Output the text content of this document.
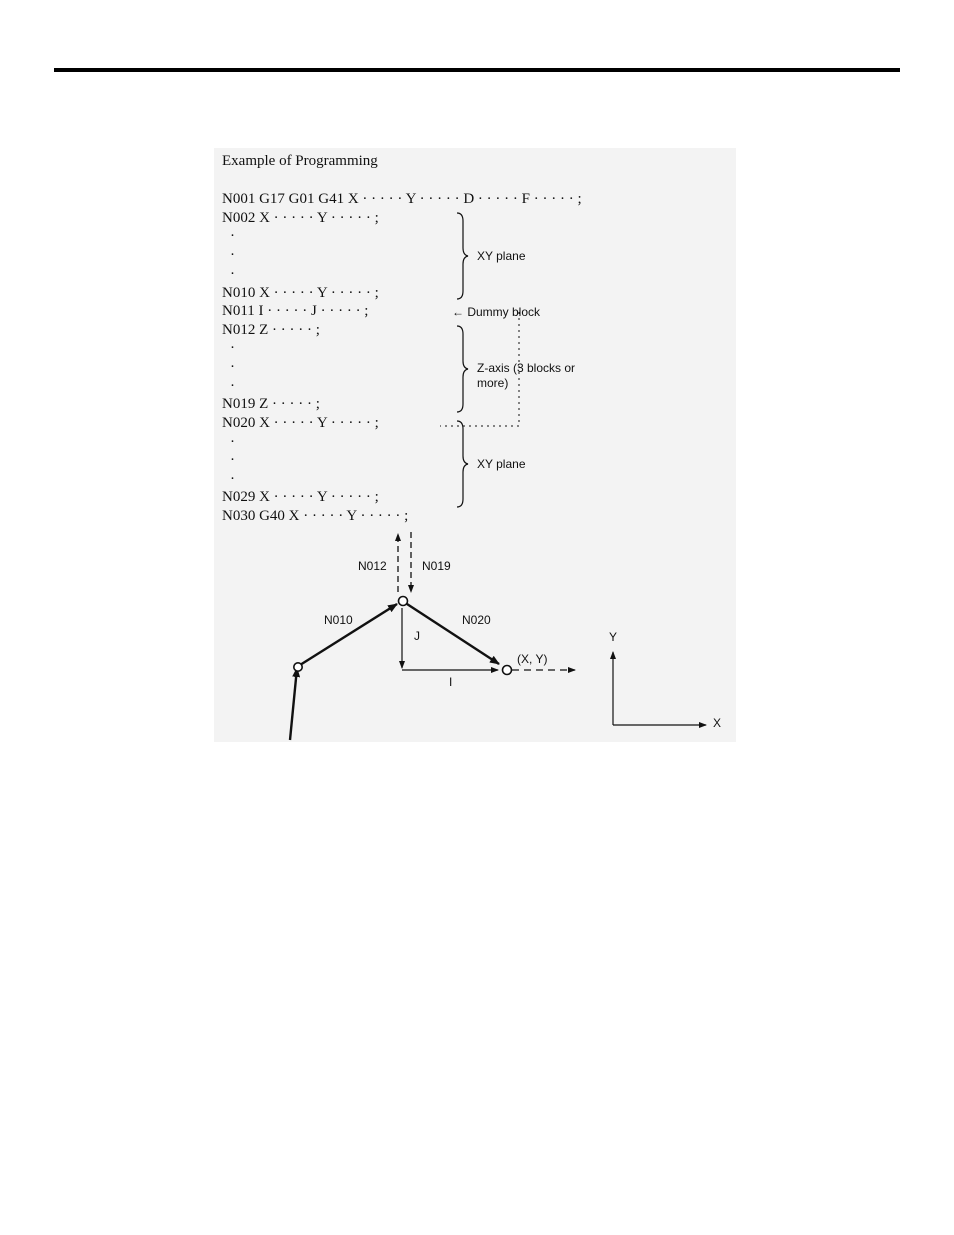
Example of Programming
N001 G17 G01 G41 X · · · · · Y · · · · · D · · · · · F · · · · · ;
N002 X · · · · · Y · · · · · ;
·
·
·
N010 X · · · · · Y · · · · · ;
N011 I · · · · · J · · · · · ;
N012 Z · · · · · ;
·
·
·
N019 Z · · · · · ;
N020 X · · · · · Y · · · · · ;
·
·
·
N029 X · · · · · Y · · · · · ;
N030 G40 X · · · · · Y · · · · · ;
XY plane
← Dummy block
Z-axis (3 blocks or
more)
XY plane
N012	N019
N010	N020
J
I
(X, Y)
Y
X
